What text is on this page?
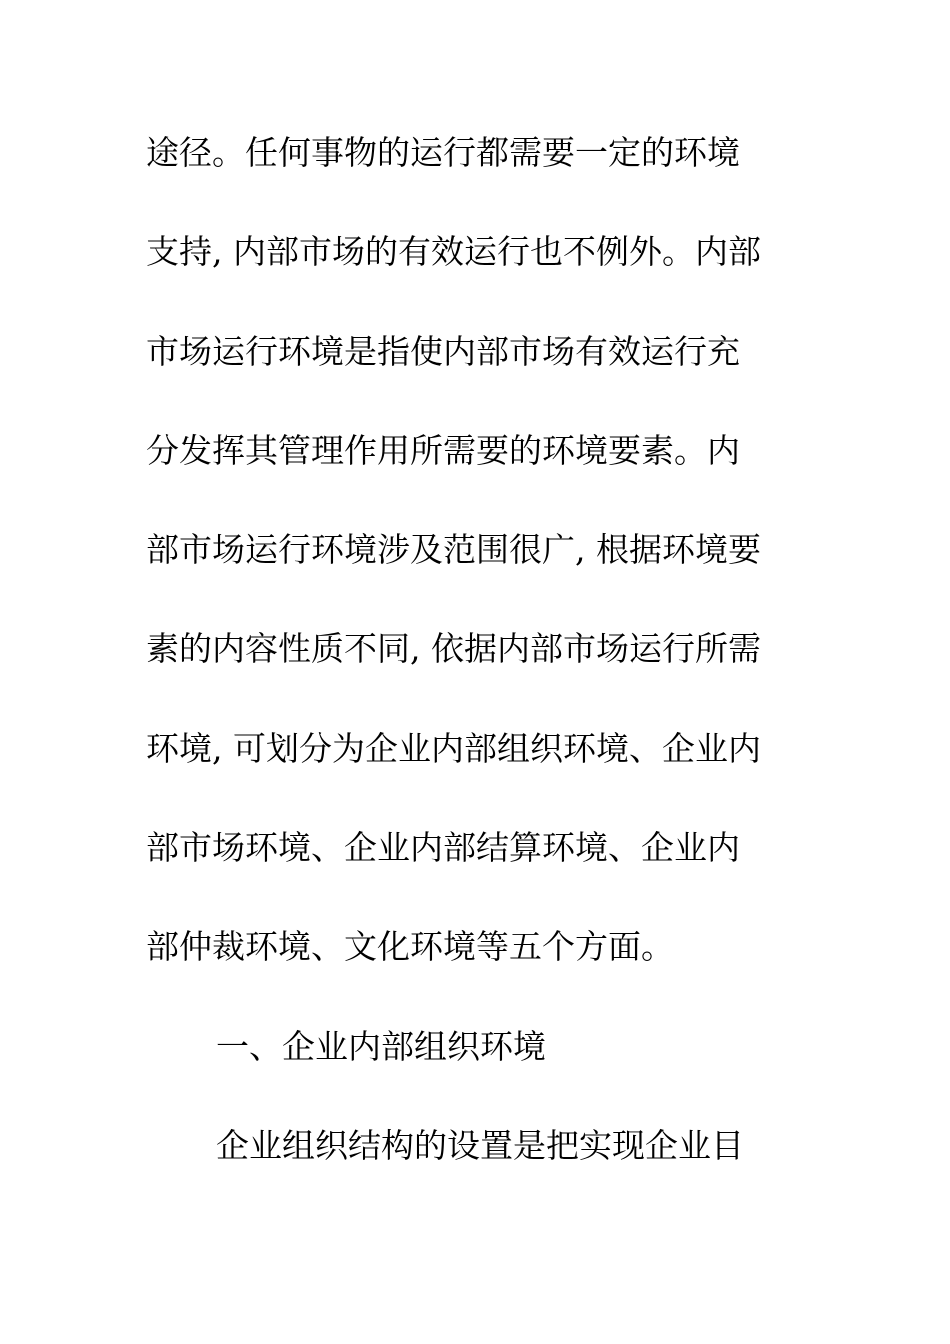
途径。任何事物的运行都需要一定的环境
支持, 内部市场的有效运行也不例外。内部
市场运行环境是指使内部市场有效运行充
分发挥其管理作用所需要的环境要素。内
部市场运行环境涉及范围很广, 根据环境要
素的内容性质不同, 依据内部市场运行所需
环境, 可划分为企业内部组织环境、企业内
部市场环境、企业内部结算环境、企业内
部仲裁环境、文化环境等五个方面。
一、企业内部组织环境
企业组织结构的设置是把实现企业目
